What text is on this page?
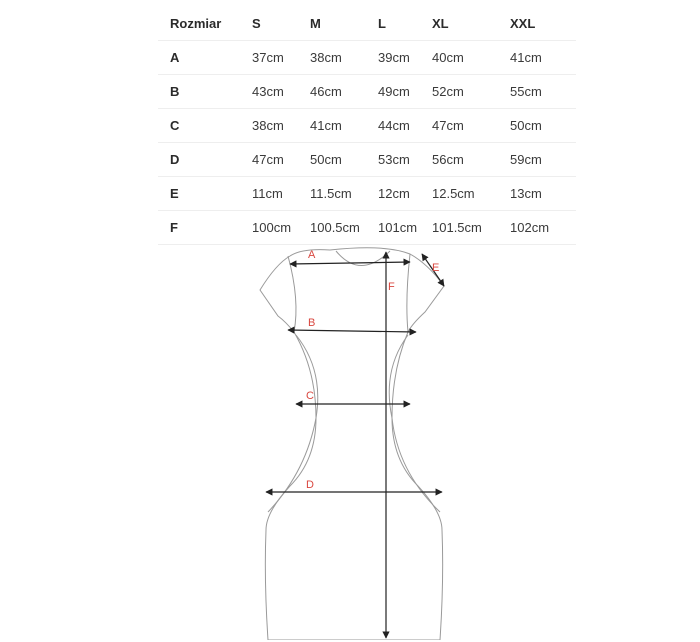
Rozmiar	S	M	L	XL	XXL
A	37cm	38cm	39cm	40cm	41cm
B	43cm	46cm	49cm	52cm	55cm
C	38cm	41cm	44cm	47cm	50cm
D	47cm	50cm	53cm	56cm	59cm
E	11cm	11.5cm	12cm	12.5cm	13cm
F	100cm	100.5cm	101cm	101.5cm	102cm
A
B
C
D
E
F
